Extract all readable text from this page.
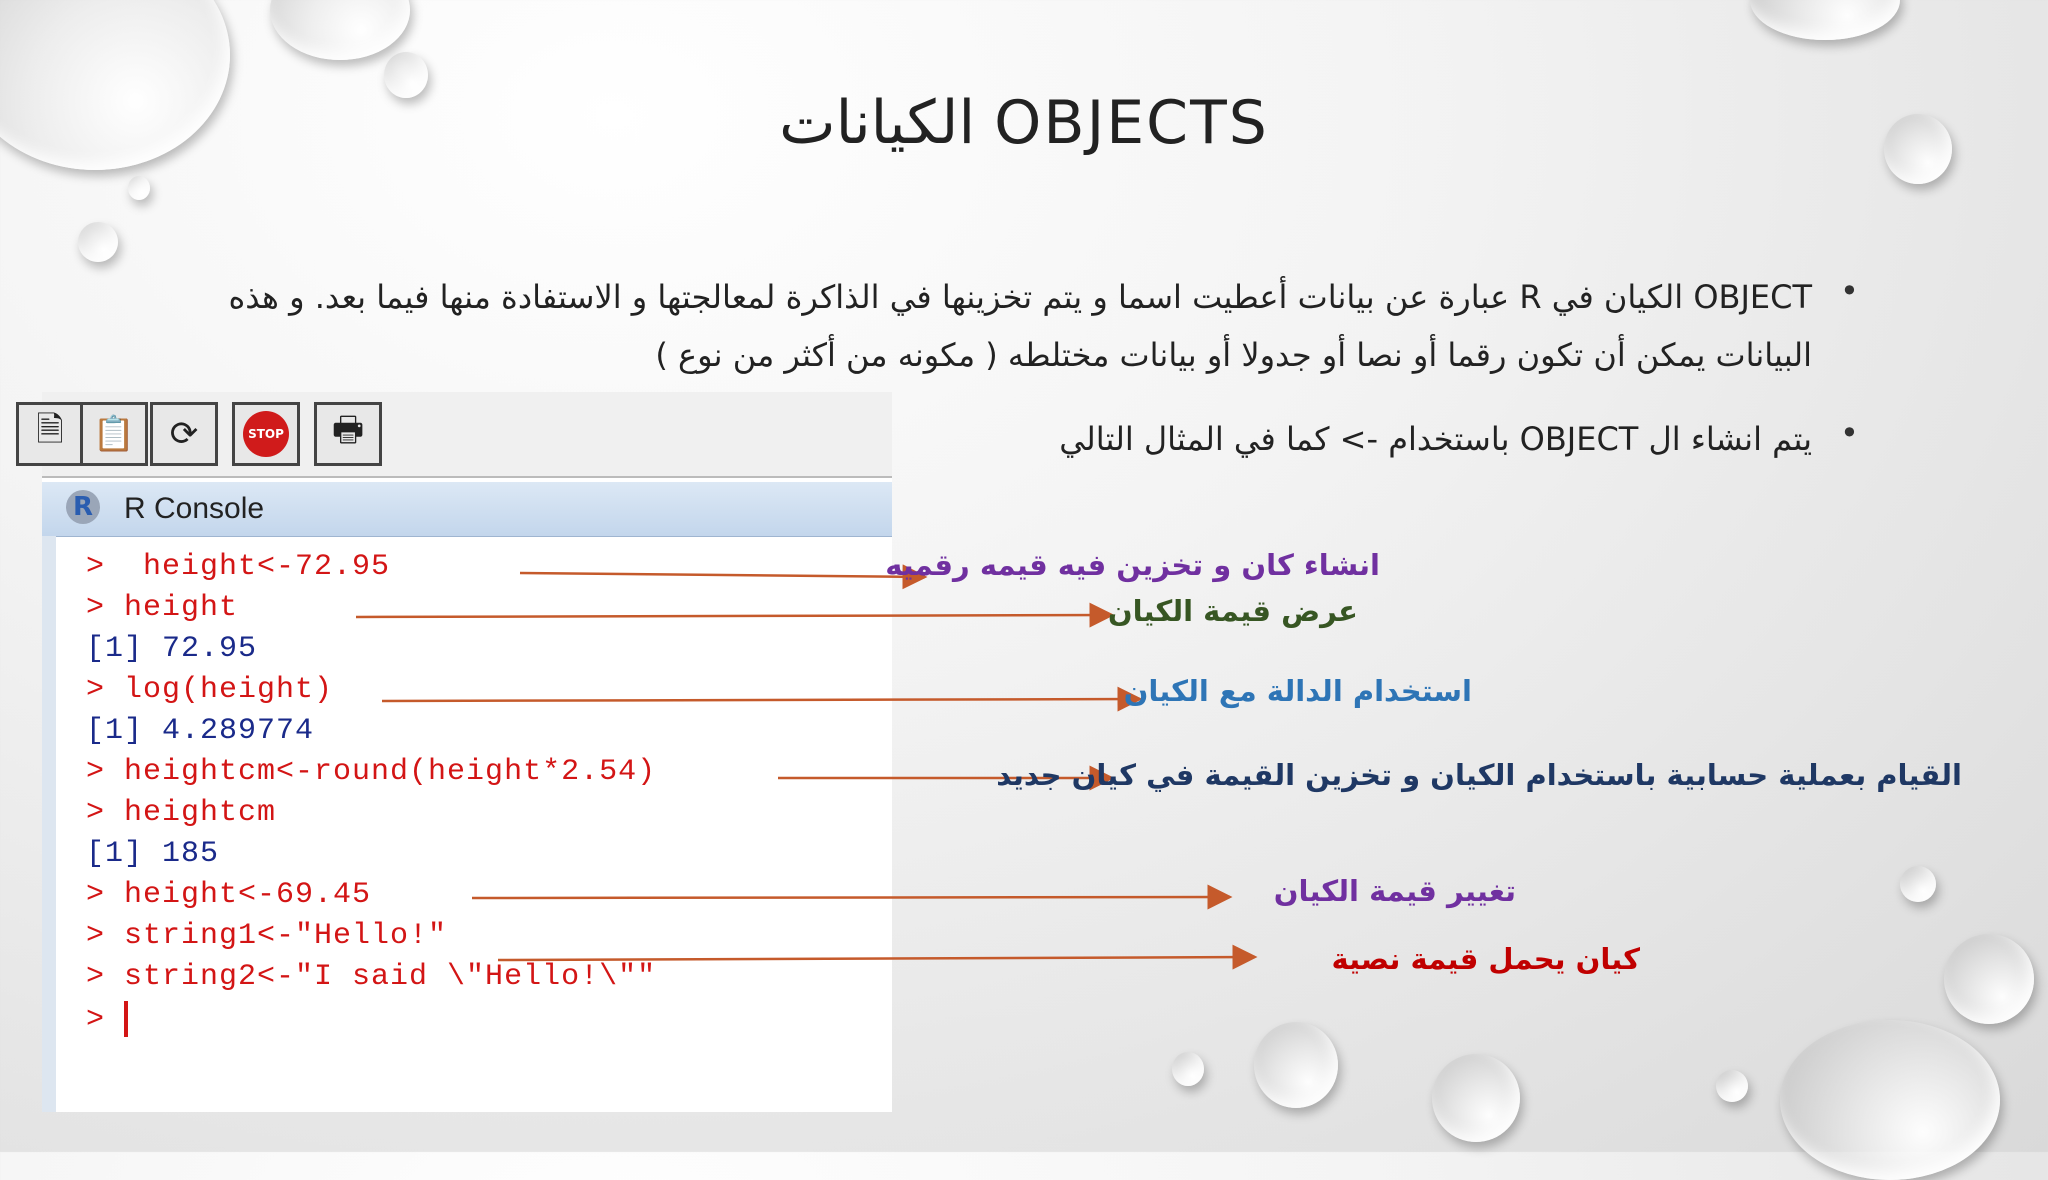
الكيانات OBJECTS
•
OBJECT الكيان في R عبارة عن بيانات أعطيت اسما و يتم تخزينها في الذاكرة لمعالجتها و الاستفادة منها فيما بعد. و هذه
البيانات يمكن أن تكون رقما أو نصا أو جدولا أو بيانات مختلطه ( مكونه من أكثر من نوع )
•
يتم انشاء ال OBJECT باستخدام -> كما في المثال التالي
🗎 📋	⟳	STOP	🖶
R R Console
>  height<-72.95
> height
[1] 72.95
> log(height)
[1] 4.289774
> heightcm<-round(height*2.54)
> heightcm
[1] 185
> height<-69.45
> string1<-"Hello!"
> string2<-"I said \"Hello!\""
>
انشاء كان و تخزين فيه قيمه رقميه
عرض قيمة الكيان
استخدام الدالة مع الكيان
القيام بعملية حسابية باستخدام الكيان و تخزين القيمة في كيان جديد
تغيير قيمة الكيان
كيان يحمل قيمة نصية
